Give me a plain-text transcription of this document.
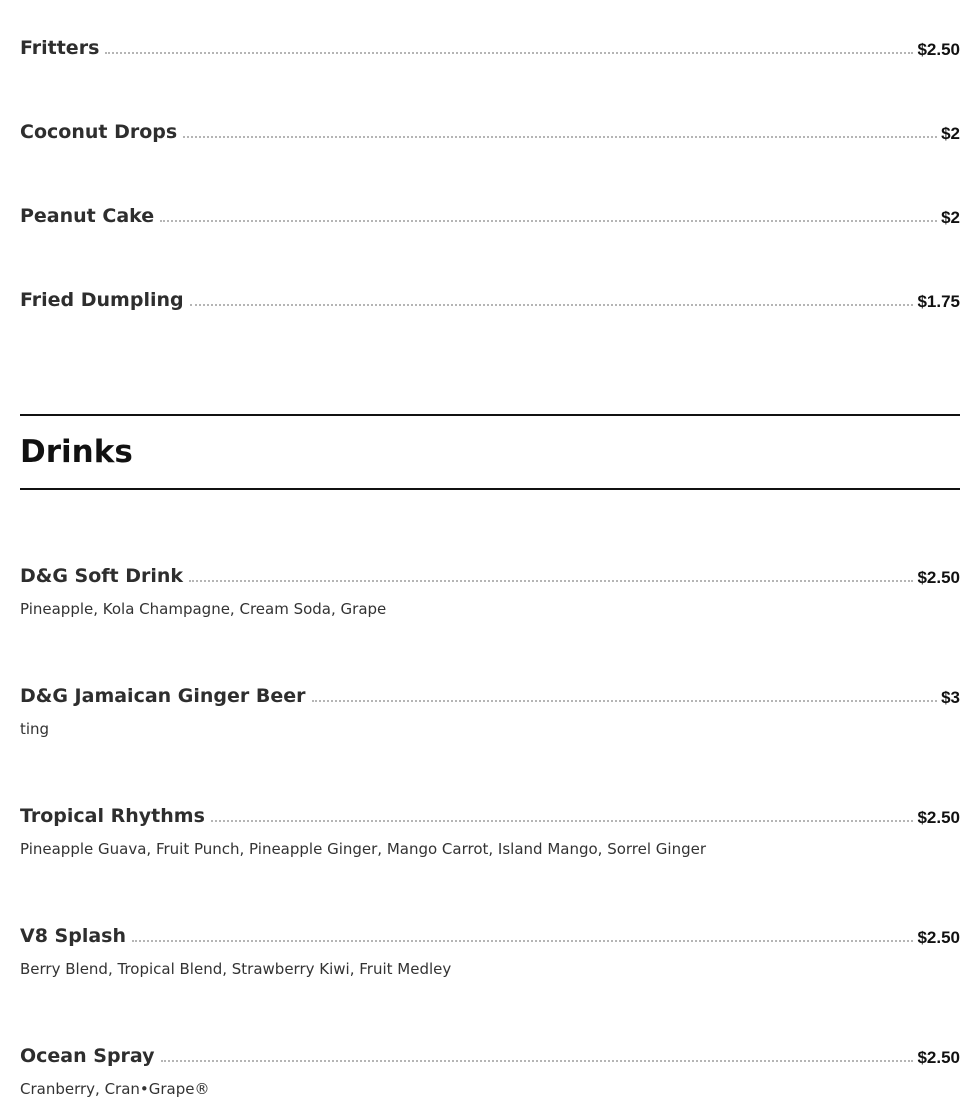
Fritters	$2.50
Coconut Drops	$2
Peanut Cake	$2
Fried Dumpling	$1.75
Drinks
D&G Soft Drink	$2.50
Pineapple, Kola Champagne, Cream Soda, Grape
D&G Jamaican Ginger Beer	$3
ting
Tropical Rhythms	$2.50
Pineapple Guava, Fruit Punch, Pineapple Ginger, Mango Carrot, Island Mango, Sorrel Ginger
V8 Splash	$2.50
Berry Blend, Tropical Blend, Strawberry Kiwi, Fruit Medley
Ocean Spray	$2.50
Cranberry, Cran•Grape®
